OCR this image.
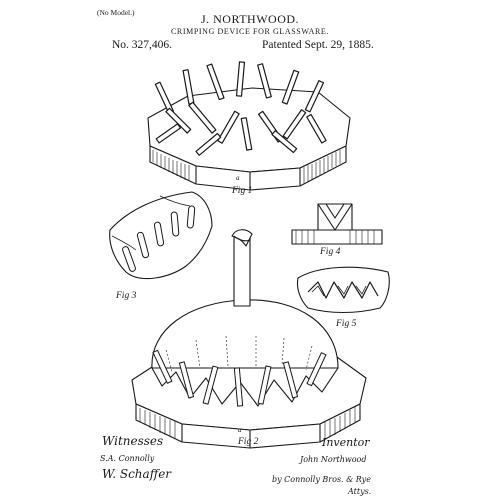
(No Model.)	J. NORTHWOOD.
CRIMPING DEVICE FOR GLASSWARE.
No. 327,406.	Patented Sept. 29, 1885.
a
Fig 1
Fig 3
Fig 4
Fig 5
a
Fig 2
Witnesses
S.A. Connolly
W. Schaffer
Inventor
John Northwood
by Connolly Bros. & Rye
Attys.
